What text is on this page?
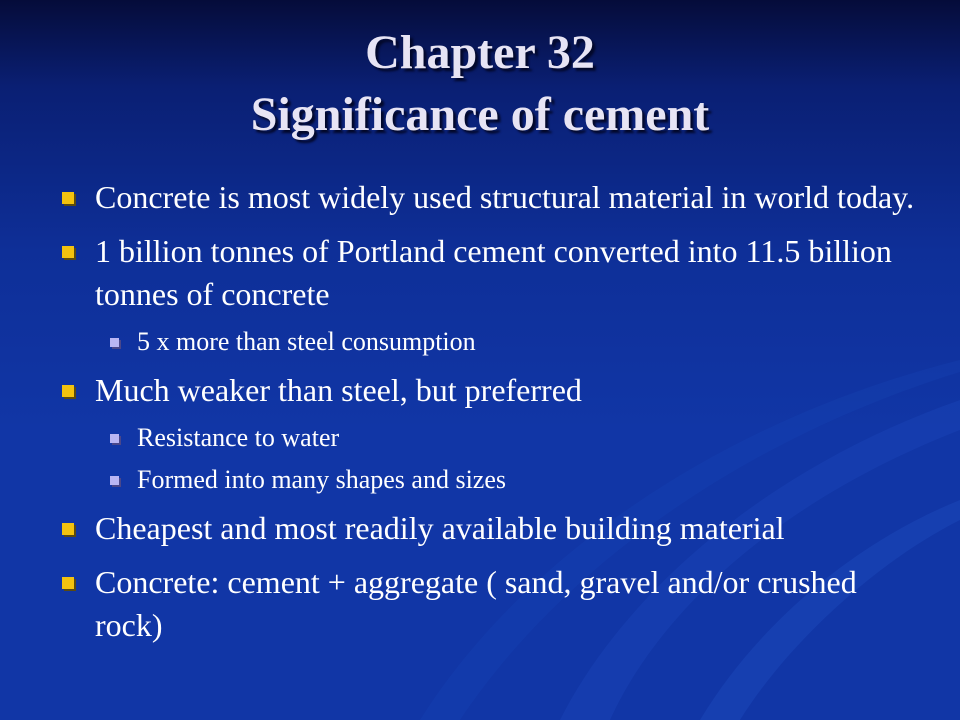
Chapter 32
Significance of cement
Concrete is most widely used structural material in world today.
1 billion tonnes of Portland cement converted into 11.5 billion tonnes of concrete
5 x more than steel consumption
Much weaker than steel, but preferred
Resistance to water
Formed into many shapes and sizes
Cheapest and most readily available building material
Concrete: cement + aggregate ( sand, gravel and/or crushed rock)
